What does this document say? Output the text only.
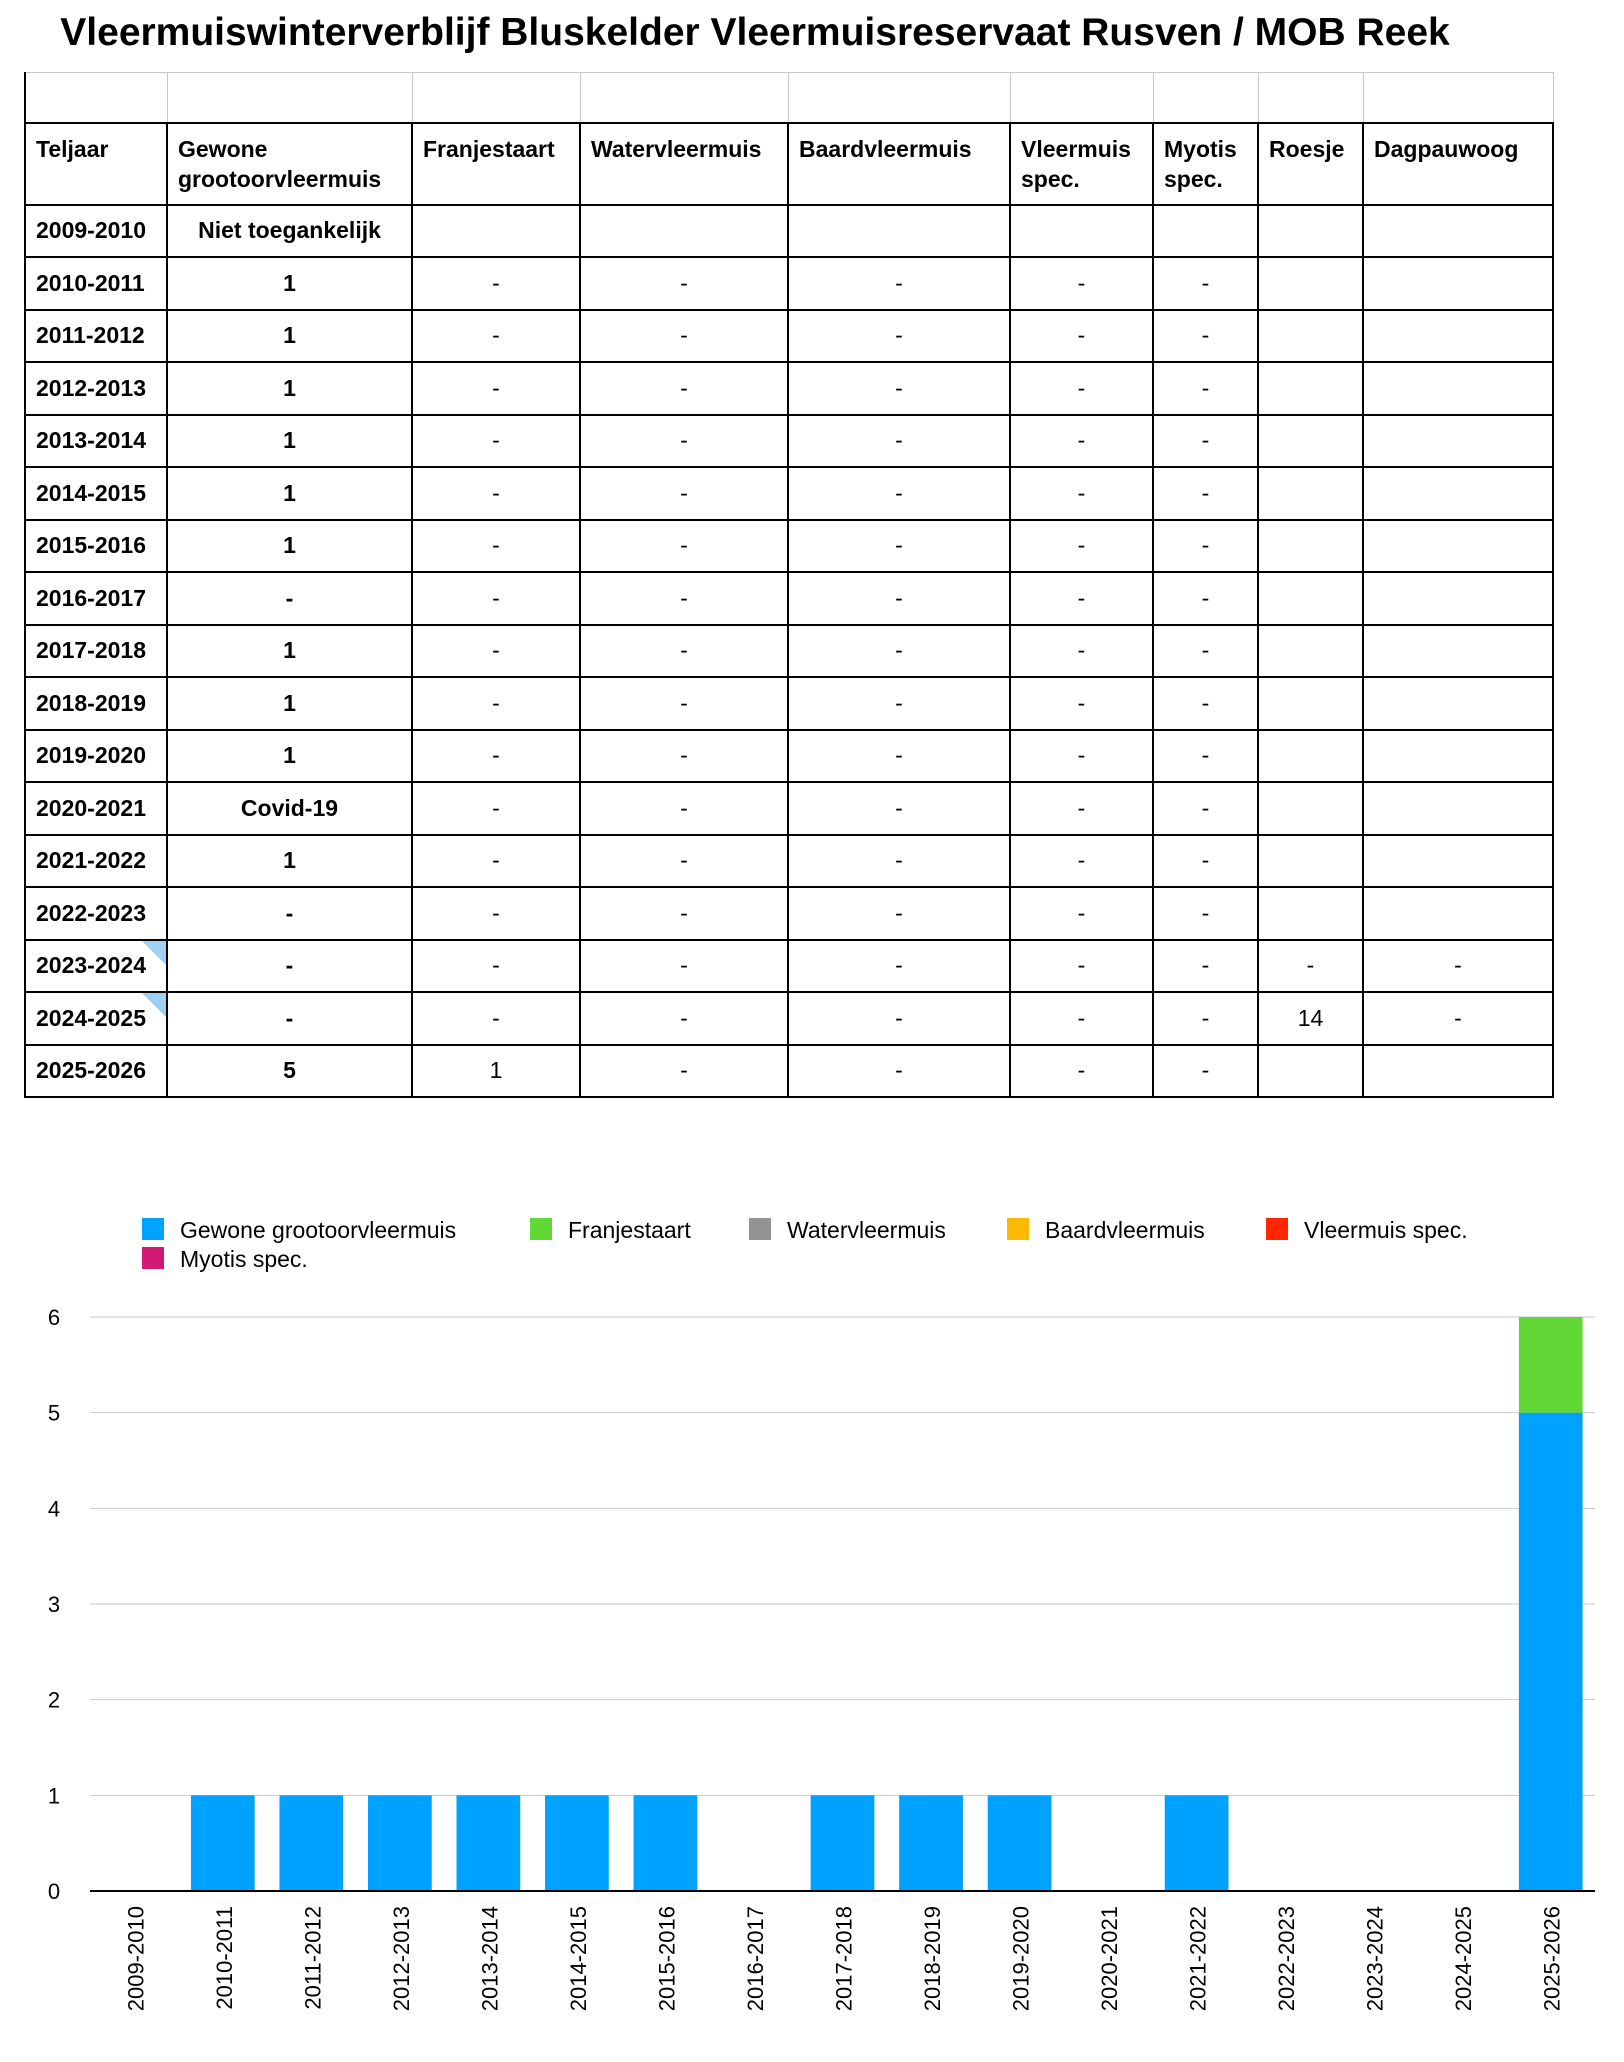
Vleermuiswinterverblijf Bluskelder Vleermuisreservaat Rusven / MOB Reek

Teljaar	Gewone grootoorvleermuis	Franjestaart	Watervleermuis	Baardvleermuis	Vleermuis spec.	Myotis spec.	Roesje	Dagpauwoog
2009-2010	Niet toegankelijk							
2010-2011	1	-	-	-	-	-		
2011-2012	1	-	-	-	-	-		
2012-2013	1	-	-	-	-	-		
2013-2014	1	-	-	-	-	-		
2014-2015	1	-	-	-	-	-		
2015-2016	1	-	-	-	-	-		
2016-2017	-	-	-	-	-	-		
2017-2018	1	-	-	-	-	-		
2018-2019	1	-	-	-	-	-		
2019-2020	1	-	-	-	-	-		
2020-2021	Covid-19	-	-	-	-	-		
2021-2022	1	-	-	-	-	-		
2022-2023	-	-	-	-	-	-		
2023-2024	-	-	-	-	-	-	-	-
2024-2025	-	-	-	-	-	-	14	-
2025-2026	5	1	-	-	-	-		
Gewone grootoorvleermuis	Franjestaart	Watervleermuis	Baardvleermuis	Vleermuis spec.
Myotis spec.
0
1
2
3
4
5
6
2009-2010	2010-2011	2011-2012	2012-2013	2013-2014	2014-2015	2015-2016	2016-2017	2017-2018	2018-2019	2019-2020	2020-2021	2021-2022	2022-2023	2023-2024	2024-2025	2025-2026
